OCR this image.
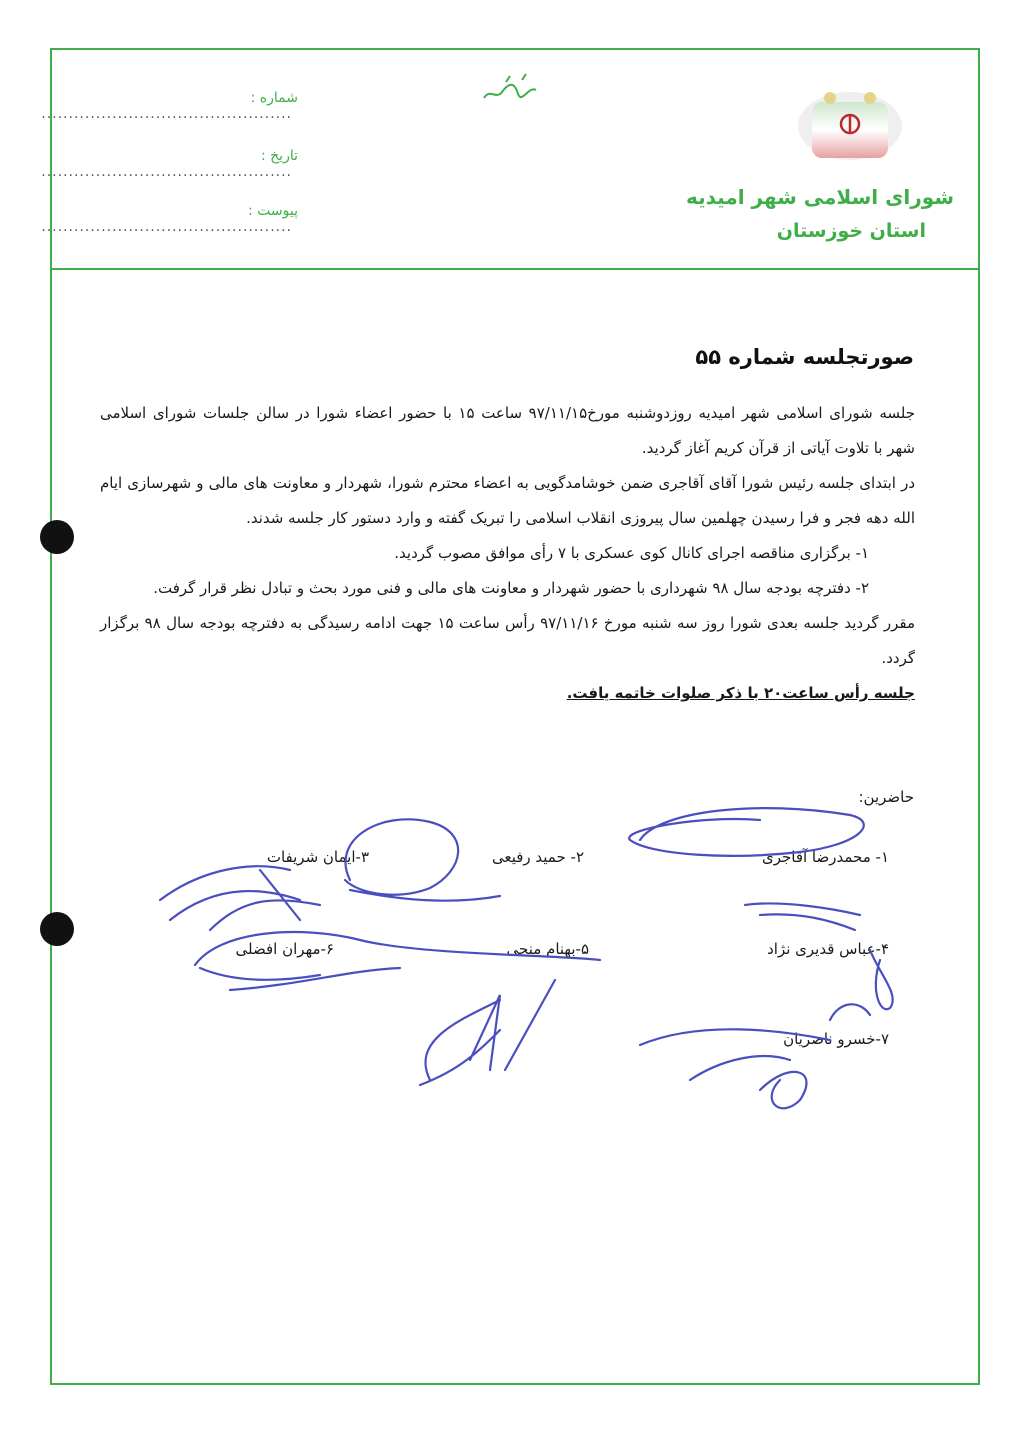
شماره : ..............................................
تاریخ : ..............................................
پیوست : ..............................................
شورای اسلامی شهر امیدیه
استان خوزستان
صورتجلسه شماره ۵۵

جلسه شورای اسلامی شهر امیدیه روزدوشنبه مورخ۹۷/۱۱/۱۵ ساعت ۱۵ با حضور اعضاء شورا در سالن جلسات شورای اسلامی شهر با تلاوت آیاتی از قرآن کریم آغاز گردید.

در ابتدای جلسه رئیس شورا آقای آقاجری ضمن خوشامدگویی به اعضاء محترم شورا، شهردار و معاونت های مالی و شهرسازی ایام الله دهه فجر و فرا رسیدن چهلمین سال پیروزی انقلاب اسلامی را تبریک گفته و وارد دستور کار جلسه شدند.

۱- برگزاری مناقصه اجرای کانال کوی عسکری با ۷ رأی موافق مصوب گردید.

۲- دفترچه بودجه سال ۹۸ شهرداری با حضور شهردار و معاونت های مالی و فنی مورد بحث و تبادل نظر قرار گرفت.

مقرر گردید جلسه بعدی شورا روز سه شنبه مورخ ۹۷/۱۱/۱۶ رأس ساعت ۱۵ جهت ادامه رسیدگی به دفترچه بودجه سال ۹۸ برگزار گردد.

جلسه رأس ساعت۲۰ با ذکر صلوات خاتمه یافت.

حاضرین:
۱- محمدرضا آقاجری
۲- حمید رفیعی
۳-ایمان شریفات
۴-عباس قدیری نژاد
۵-بهنام منجی
۶-مهران افضلی
۷-خسرو ناصریان
